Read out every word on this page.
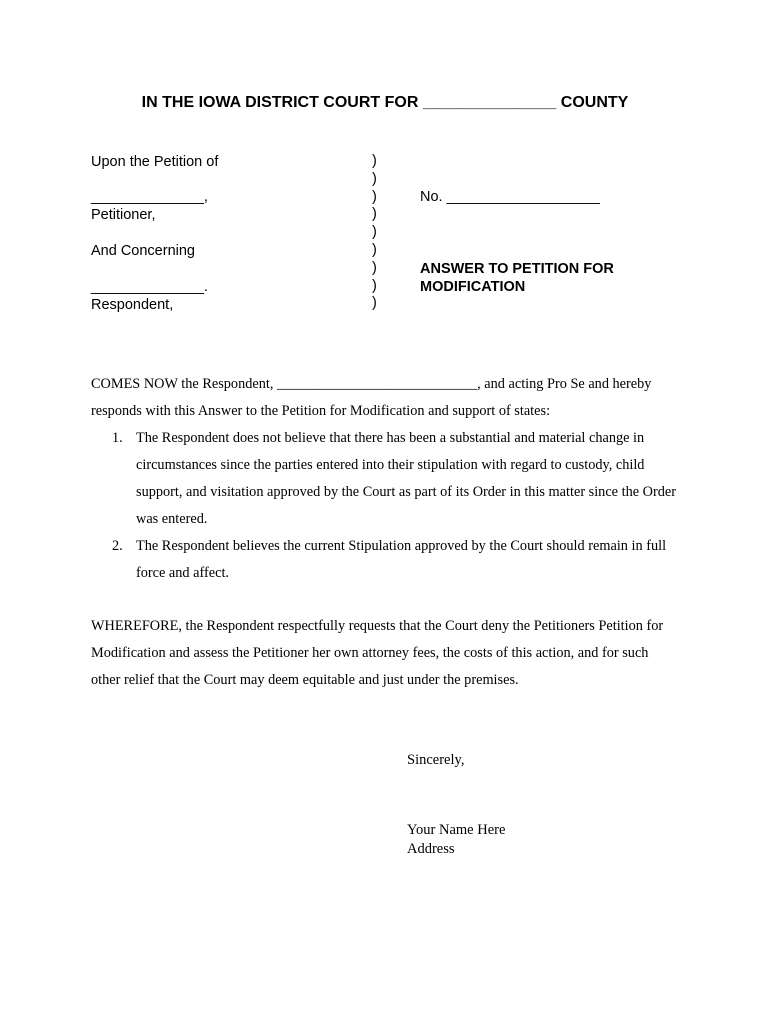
IN THE IOWA DISTRICT COURT FOR _______________ COUNTY
Upon the Petition of
______________,
Petitioner,
And Concerning
______________.
Respondent,
)
)
)
)
)
)
)
)
)
No. ___________________
ANSWER TO PETITION FOR
MODIFICATION
COMES NOW the Respondent, ____________________________, and acting Pro Se and hereby responds with this Answer to the Petition for Modification and support of states:
1. The Respondent does not believe that there has been a substantial and material change in circumstances since the parties entered into their stipulation with regard to custody, child support, and visitation approved by the Court as part of its Order in this matter since the Order was entered.
2. The Respondent believes the current Stipulation approved by the Court should remain in full force and affect.
WHEREFORE, the Respondent respectfully requests that the Court deny the Petitioners Petition for Modification and assess the Petitioner her own attorney fees, the costs of this action, and for such other relief that the Court may deem equitable and just under the premises.
Sincerely,
Your Name Here
Address
